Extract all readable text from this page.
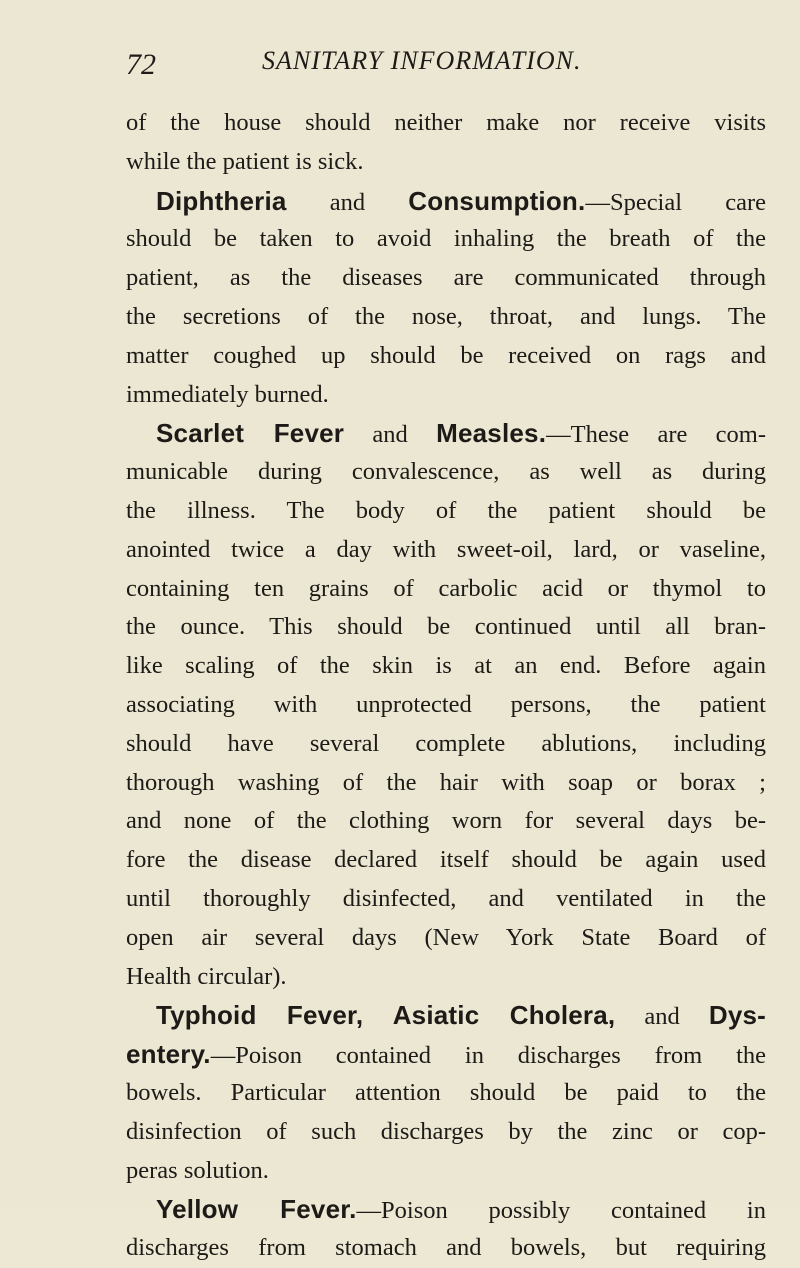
72	SANITARY INFORMATION.
of the house should neither make nor receive visits
while the patient is sick.
Diphtheria and Consumption.—Special care
should be taken to avoid inhaling the breath of the
patient, as the diseases are communicated through
the secretions of the nose, throat, and lungs. The
matter coughed up should be received on rags and
immediately burned.
Scarlet Fever and Measles.—These are com-
municable during convalescence, as well as during
the illness. The body of the patient should be
anointed twice a day with sweet-oil, lard, or vaseline,
containing ten grains of carbolic acid or thymol to
the ounce. This should be continued until all bran-
like scaling of the skin is at an end. Before again
associating with unprotected persons, the patient
should have several complete ablutions, including
thorough washing of the hair with soap or borax ;
and none of the clothing worn for several days be-
fore the disease declared itself should be again used
until thoroughly disinfected, and ventilated in the
open air several days (New York State Board of
Health circular).
Typhoid Fever, Asiatic Cholera, and Dys-
entery.—Poison contained in discharges from the
bowels. Particular attention should be paid to the
disinfection of such discharges by the zinc or cop-
peras solution.
Yellow Fever.—Poison possibly contained in
discharges from stomach and bowels, but requiring
